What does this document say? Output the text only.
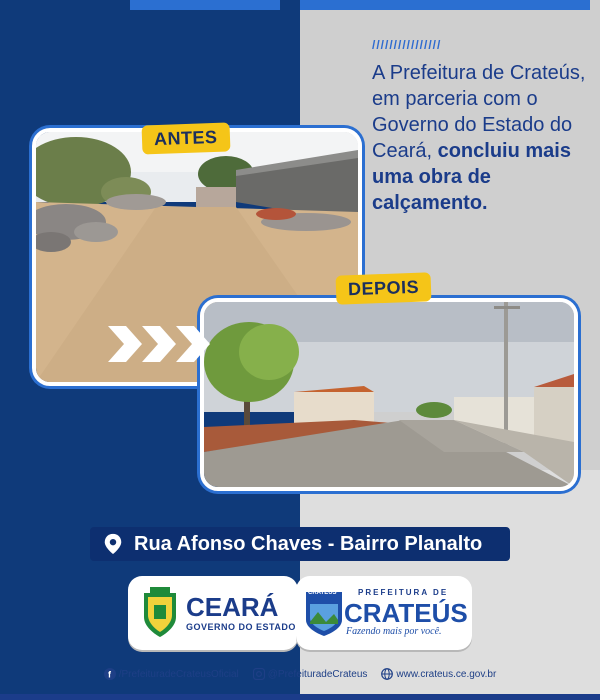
////////////////
A Prefeitura de Crateús, em parceria com o Governo do Estado do Ceará, concluiu mais uma obra de calçamento.
ANTES
DEPOIS
Rua Afonso Chaves - Bairro Planalto
CEARÁ
GOVERNO DO ESTADO
CRATEÚS	PREFEITURA DE
CRATEÚS
Fazendo mais por você.
f /PrefeituradeCrateusOficial	@PrefeituradeCrateus	www.crateus.ce.gov.br
